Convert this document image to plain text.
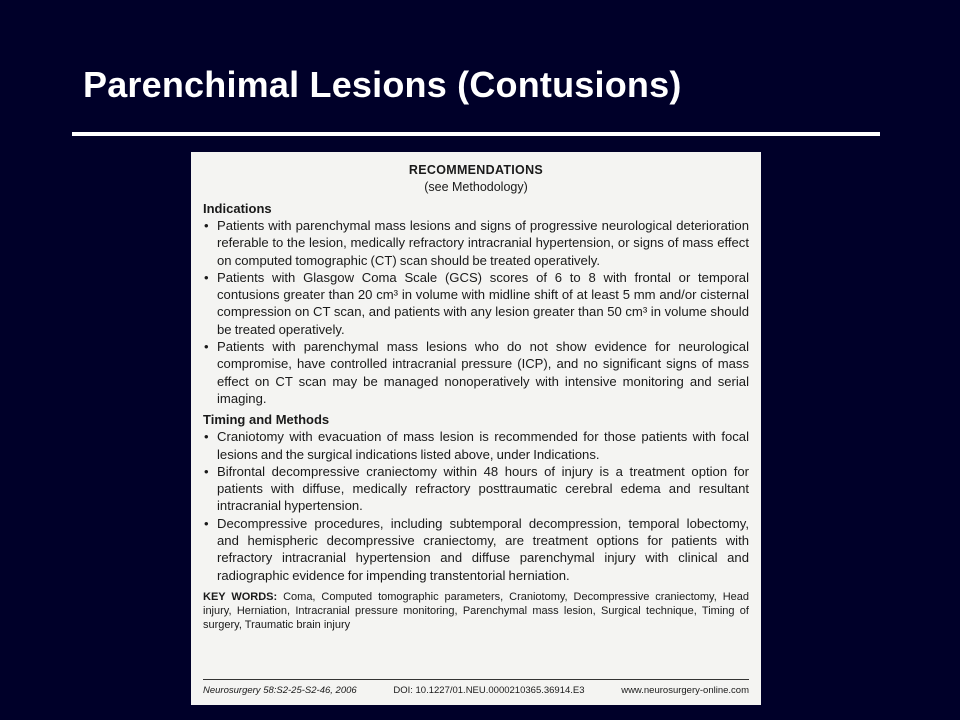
Parenchimal Lesions (Contusions)
RECOMMENDATIONS
(see Methodology)
Indications
• Patients with parenchymal mass lesions and signs of progressive neurological deterioration referable to the lesion, medically refractory intracranial hypertension, or signs of mass effect on computed tomographic (CT) scan should be treated operatively.
• Patients with Glasgow Coma Scale (GCS) scores of 6 to 8 with frontal or temporal contusions greater than 20 cm³ in volume with midline shift of at least 5 mm and/or cisternal compression on CT scan, and patients with any lesion greater than 50 cm³ in volume should be treated operatively.
• Patients with parenchymal mass lesions who do not show evidence for neurological compromise, have controlled intracranial pressure (ICP), and no significant signs of mass effect on CT scan may be managed nonoperatively with intensive monitoring and serial imaging.
Timing and Methods
• Craniotomy with evacuation of mass lesion is recommended for those patients with focal lesions and the surgical indications listed above, under Indications.
• Bifrontal decompressive craniectomy within 48 hours of injury is a treatment option for patients with diffuse, medically refractory posttraumatic cerebral edema and resultant intracranial hypertension.
• Decompressive procedures, including subtemporal decompression, temporal lobectomy, and hemispheric decompressive craniectomy, are treatment options for patients with refractory intracranial hypertension and diffuse parenchymal injury with clinical and radiographic evidence for impending transtentorial herniation.
KEY WORDS: Coma, Computed tomographic parameters, Craniotomy, Decompressive craniectomy, Head injury, Herniation, Intracranial pressure monitoring, Parenchymal mass lesion, Surgical technique, Timing of surgery, Traumatic brain injury
Neurosurgery 58:S2-25-S2-46, 2006	DOI: 10.1227/01.NEU.0000210365.36914.E3	www.neurosurgery-online.com
